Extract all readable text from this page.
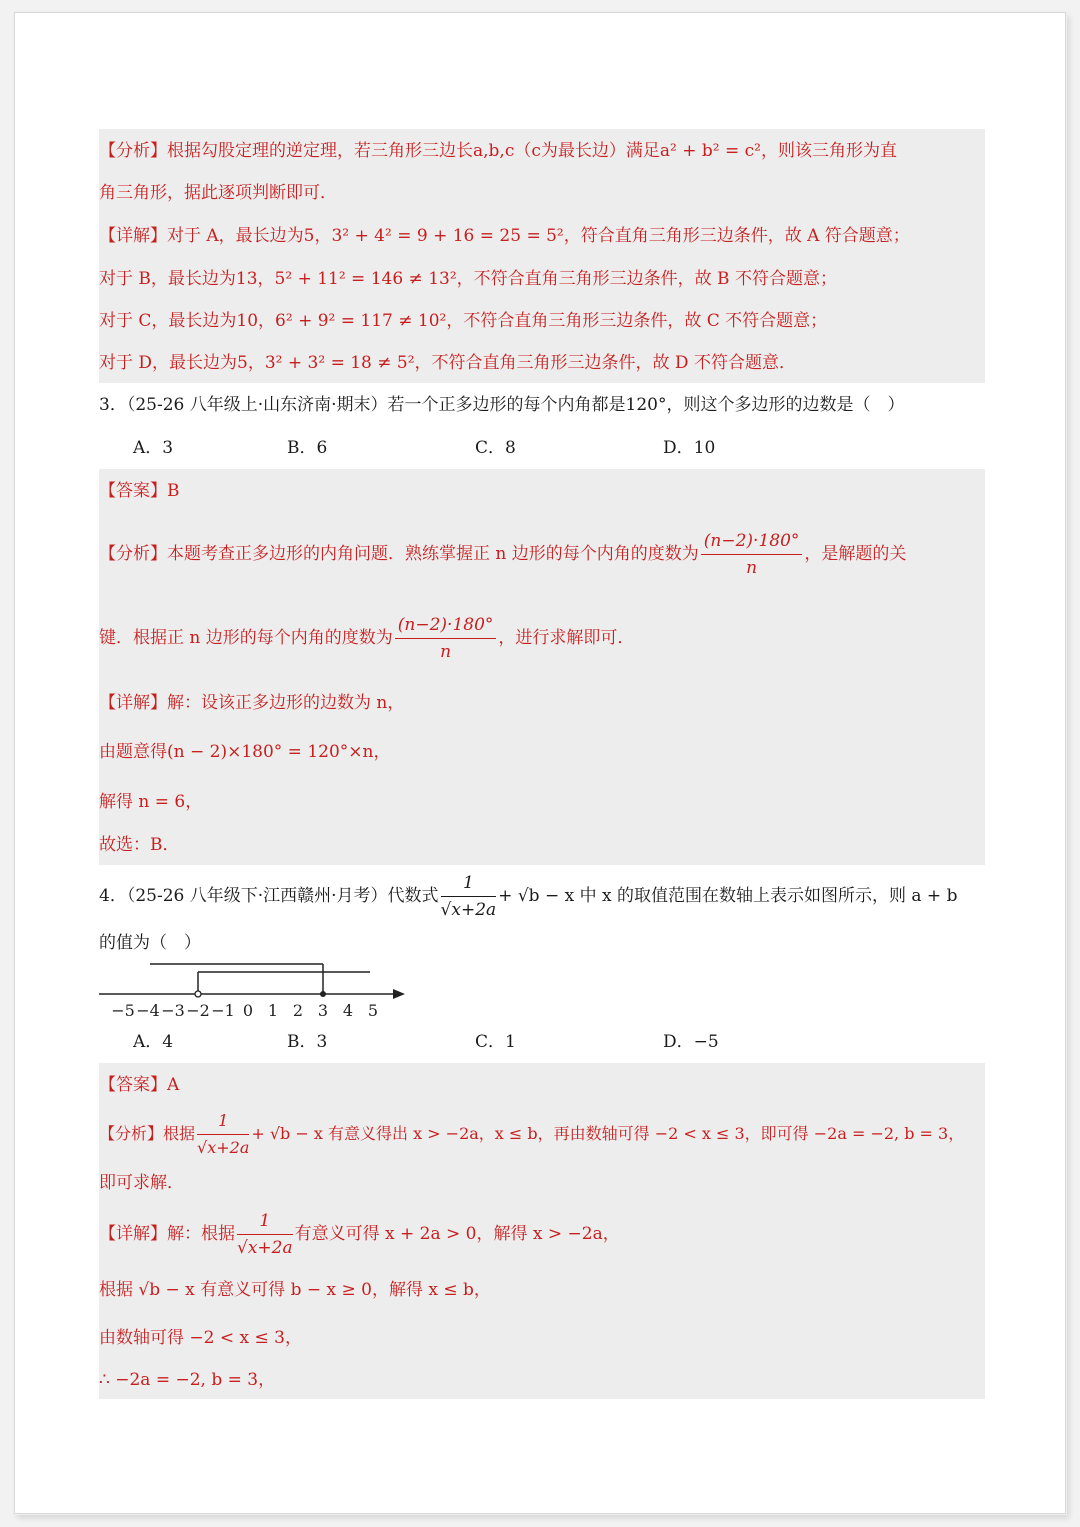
【分析】根据勾股定理的逆定理，若三角形三边长a,b,c（c为最长边）满足a² + b² = c²，则该三角形为直
角三角形，据此逐项判断即可．
【详解】对于 A，最长边为5，3² + 4² = 9 + 16 = 25 = 5²，符合直角三角形三边条件，故 A 符合题意；
对于 B，最长边为13，5² + 11² = 146 ≠ 13²，不符合直角三角形三边条件，故 B 不符合题意；
对于 C，最长边为10，6² + 9² = 117 ≠ 10²，不符合直角三角形三边条件，故 C 不符合题意；
对于 D，最长边为5，3² + 3² = 18 ≠ 5²，不符合直角三角形三边条件，故 D 不符合题意．
3．（25-26 八年级上·山东济南·期末）若一个正多边形的每个内角都是120°，则这个多边形的边数是（　）
A．3	B．6	C．8	D．10
【答案】B
【分析】本题考查正多边形的内角问题．熟练掌握正 n 边形的每个内角的度数为 $\frac{(n-2)\cdot 180^\circ}{n}$ ，是解题的关
键．根据正 n 边形的每个内角的度数为 $\frac{(n-2)\cdot 180^\circ}{n}$ ，进行求解即可．
【详解】解：设该正多边形的边数为 n，
由题意得(n − 2)×180° = 120°×n，
解得 n = 6，
故选：B．
4．（25-26 八年级下·江西赣州·月考）代数式 $\frac{1}{√x+2a} + √b - x$ 中 x 的取值范围在数轴上表示如图所示，则 a + b
的值为（　）
−5 −4 −3 −2 −1 0 1 2 3 4 5
A．4	B．3	C．1	D．−5
【答案】A
【分析】根据 $\frac{1}{√x+2a} + √b - x$ 有意义得出 x > −2a，x ≤ b，再由数轴可得 −2 < x ≤ 3，即可得 −2a = −2, b = 3，
即可求解．
【详解】解：根据 $\frac{1}{√x+2a}$ 有意义可得 x + 2a > 0，解得 x > −2a，
根据 √b − x 有意义可得 b − x ≥ 0，解得 x ≤ b，
由数轴可得 −2 < x ≤ 3，
∴ −2a = −2, b = 3，
